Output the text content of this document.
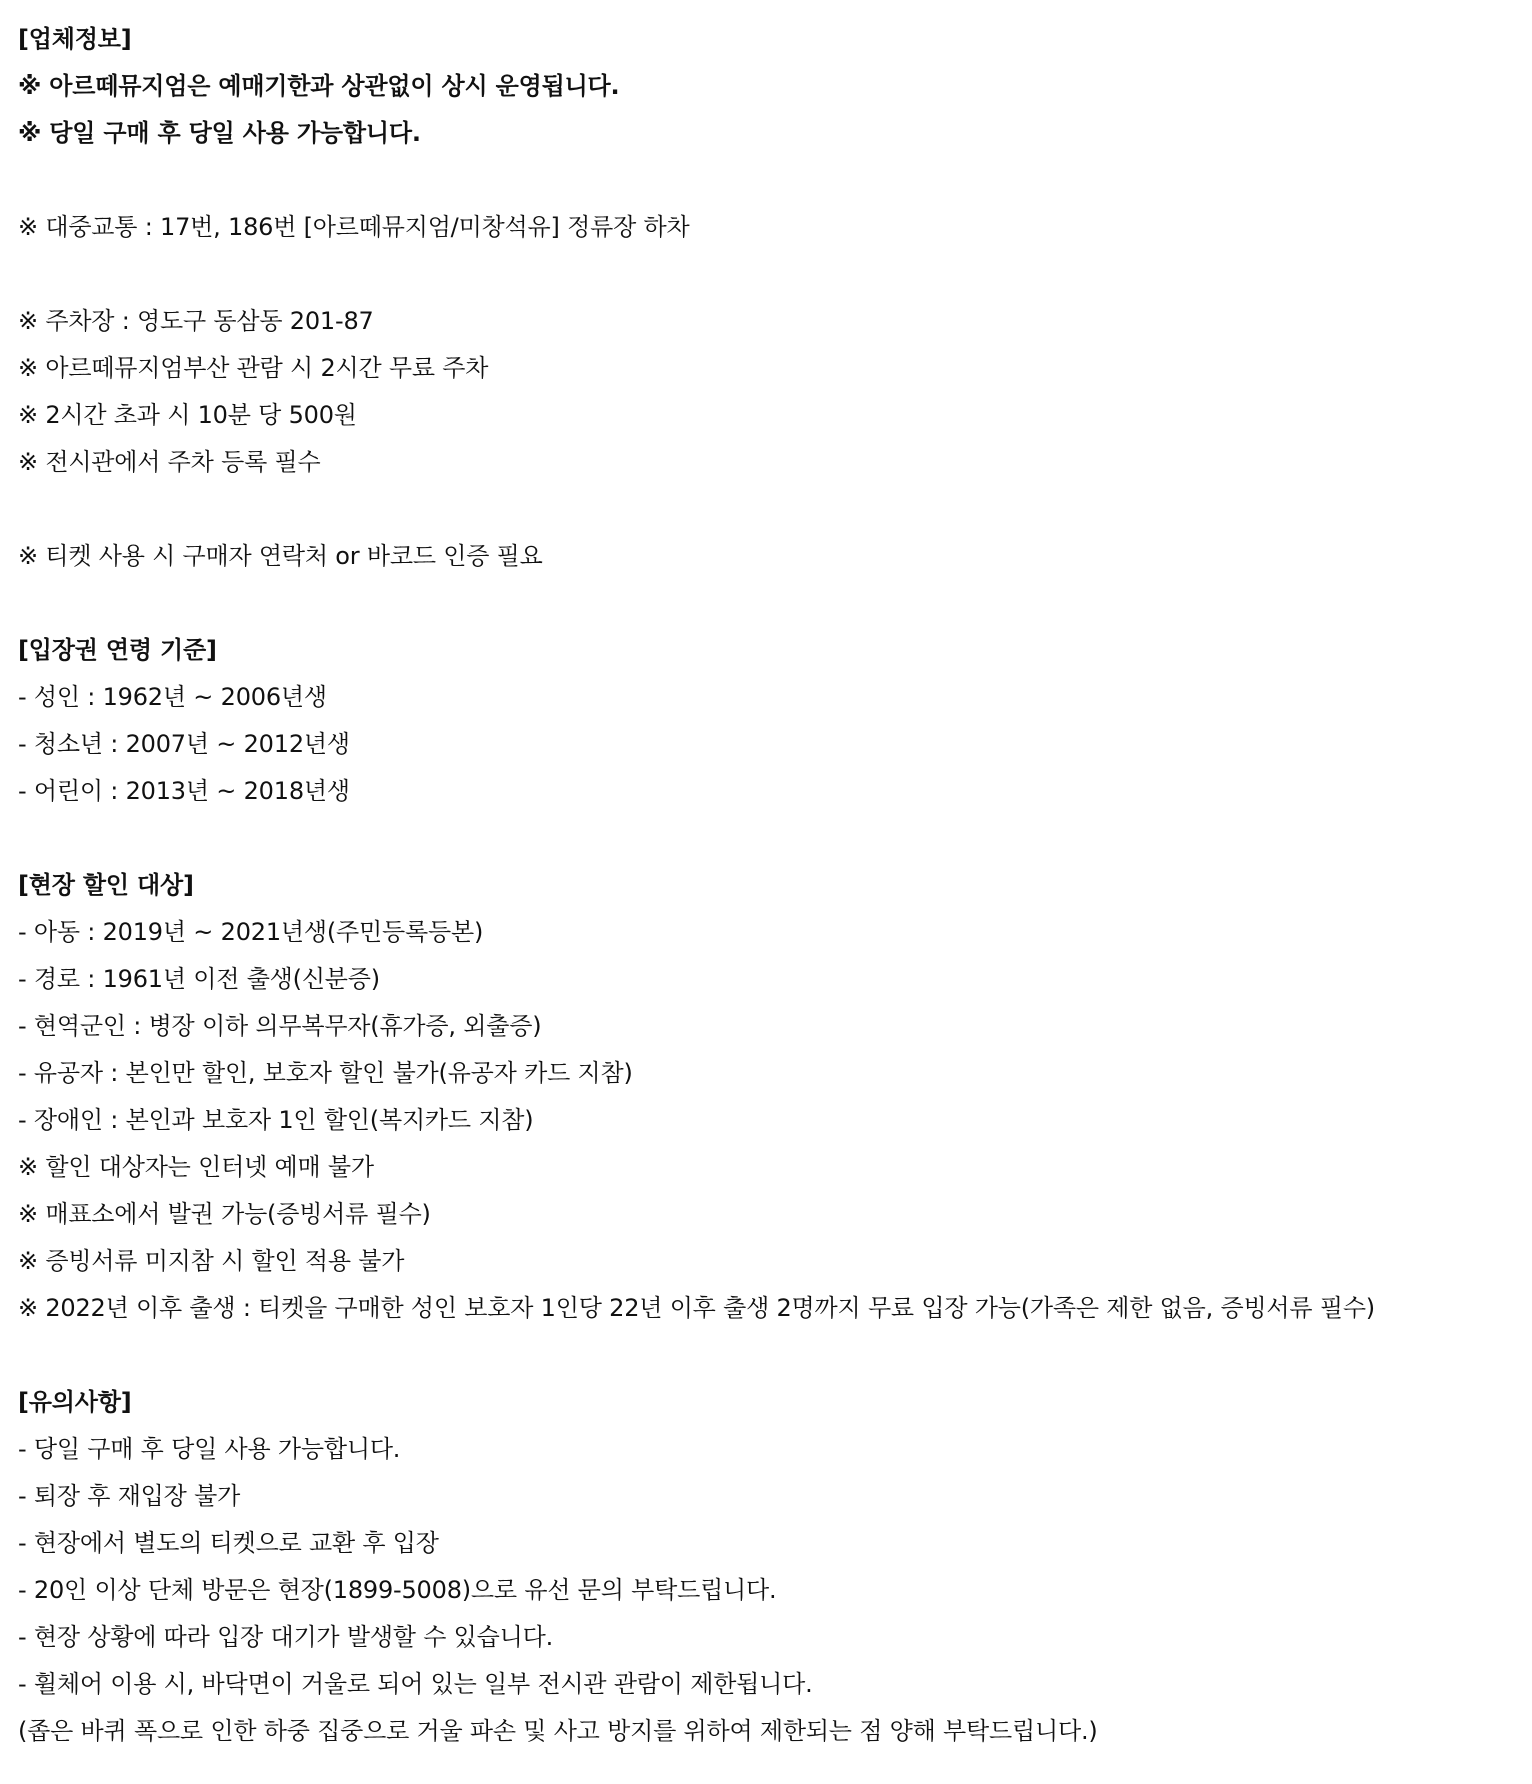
[업체정보]
※ 아르떼뮤지엄은 예매기한과 상관없이 상시 운영됩니다.
※ 당일 구매 후 당일 사용 가능합니다.
※ 대중교통 : 17번, 186번 [아르떼뮤지엄/미창석유] 정류장 하차
※ 주차장 : 영도구 동삼동 201-87
※ 아르떼뮤지엄부산 관람 시 2시간 무료 주차
※ 2시간 초과 시 10분 당 500원
※ 전시관에서 주차 등록 필수
※ 티켓 사용 시 구매자 연락처 or 바코드 인증 필요
[입장권 연령 기준]
- 성인 : 1962년 ~ 2006년생
- 청소년 : 2007년 ~ 2012년생
- 어린이 : 2013년 ~ 2018년생
[현장 할인 대상]
- 아동 : 2019년 ~ 2021년생(주민등록등본)
- 경로 : 1961년 이전 출생(신분증)
- 현역군인 : 병장 이하 의무복무자(휴가증, 외출증)
- 유공자 : 본인만 할인, 보호자 할인 불가(유공자 카드 지참)
- 장애인 : 본인과 보호자 1인 할인(복지카드 지참)
※ 할인 대상자는 인터넷 예매 불가
※ 매표소에서 발권 가능(증빙서류 필수)
※ 증빙서류 미지참 시 할인 적용 불가
※ 2022년 이후 출생 : 티켓을 구매한 성인 보호자 1인당 22년 이후 출생 2명까지 무료 입장 가능(가족은 제한 없음, 증빙서류 필수)
[유의사항]
- 당일 구매 후 당일 사용 가능합니다.
- 퇴장 후 재입장 불가
- 현장에서 별도의 티켓으로 교환 후 입장
- 20인 이상 단체 방문은 현장(1899-5008)으로 유선 문의 부탁드립니다.
- 현장 상황에 따라 입장 대기가 발생할 수 있습니다.
- 휠체어 이용 시, 바닥면이 거울로 되어 있는 일부 전시관 관람이 제한됩니다.
(좁은 바퀴 폭으로 인한 하중 집중으로 거울 파손 및 사고 방지를 위하여 제한되는 점 양해 부탁드립니다.)
